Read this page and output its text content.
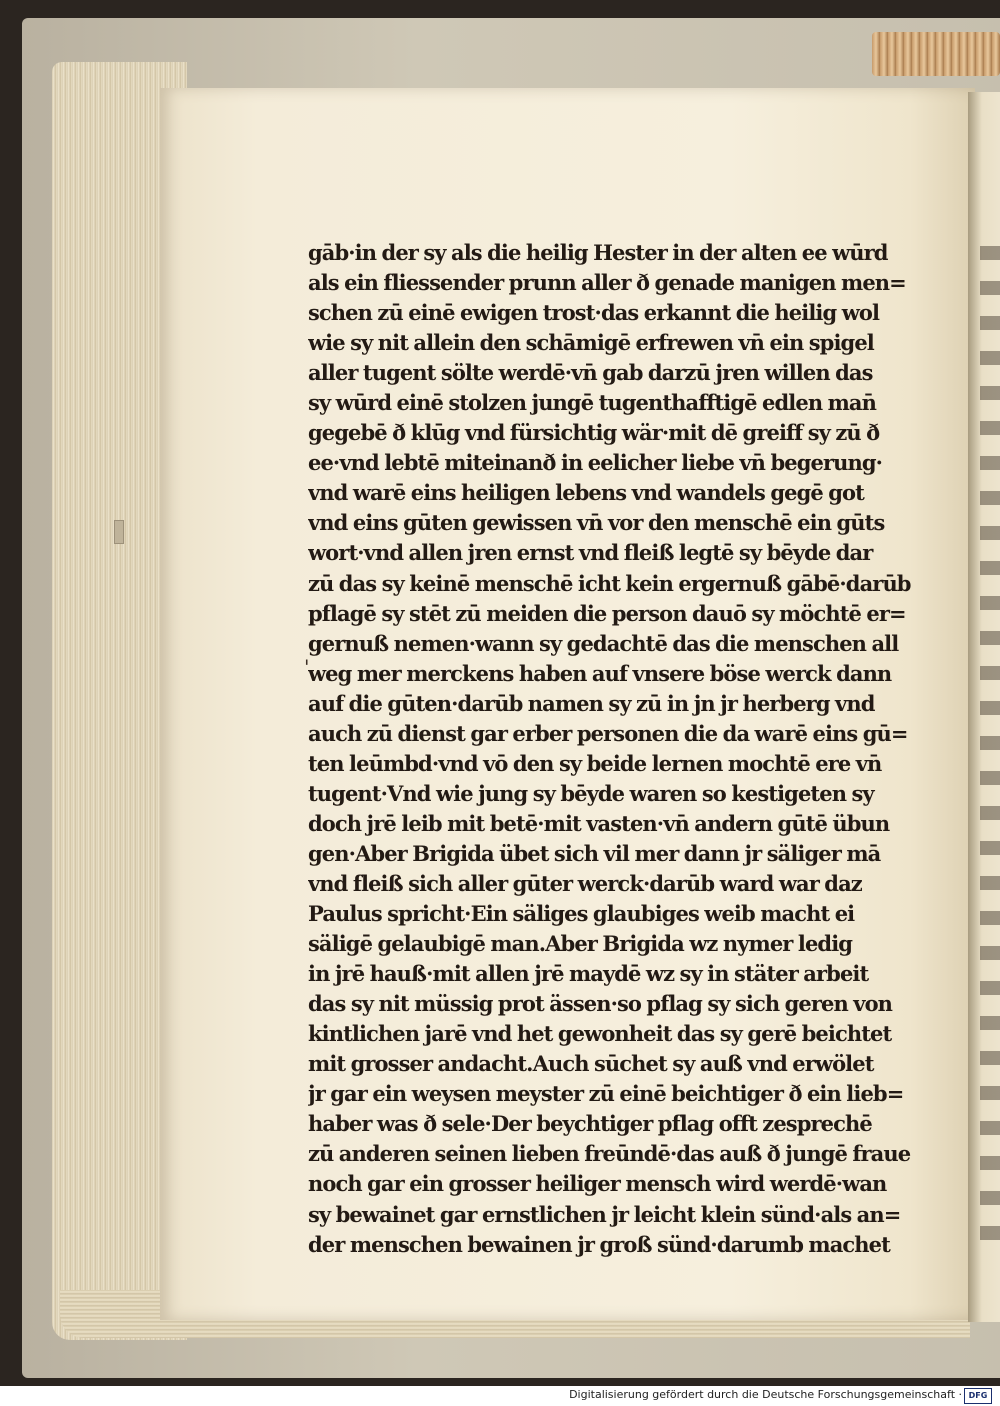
'
gāb·in der sy als die heilig Hester in der alten ee wūrd
als ein fliessender prunn aller ð genade manigen men=
schen zū einē ewigen trost·das erkannt die heilig wol
wie sy nit allein den schāmigē erfrewen vn̄ ein spigel
aller tugent sölte werdē·vn̄ gab darzū jren willen das
sy wūrd einē stolzen jungē tugenthafftigē edlen man̄
gegebē ð klūg vnd fürsichtig wär·mit dē greiff sy zū ð
ee·vnd lebtē miteinanð in eelicher liebe vn̄ begerung·
vnd warē eins heiligen lebens vnd wandels gegē got
vnd eins gūten gewissen vn̄ vor den menschē ein gūts
wort·vnd allen jren ernst vnd fleiß legtē sy bēyde dar
zū das sy keinē menschē icht kein ergernuß gābē·darūb
pflagē sy stēt zū meiden die person dauō sy möchtē er=
gernuß nemen·wann sy gedachtē das die menschen all
weg mer merckens haben auf vnsere böse werck dann
auf die gūten·darūb namen sy zū in jn jr herberg vnd
auch zū dienst gar erber personen die da warē eins gū=
ten leūmbd·vnd vō den sy beide lernen mochtē ere vn̄
tugent·Vnd wie jung sy bēyde waren so kestigeten sy
doch jrē leib mit betē·mit vasten·vn̄ andern gūtē übun
gen·Aber Brigida übet sich vil mer dann jr säliger mā
vnd fleiß sich aller gūter werck·darūb ward war daz
Paulus spricht·Ein säliges glaubiges weib macht ei
säligē gelaubigē man.Aber Brigida wz nymer ledig
in jrē hauß·mit allen jrē maydē wz sy in stäter arbeit
das sy nit müssig prot ässen·so pflag sy sich geren von
kintlichen jarē vnd het gewonheit das sy gerē beichtet
mit grosser andacht.Auch sūchet sy auß vnd erwölet
jr gar ein weysen meyster zū einē beichtiger ð ein lieb=
haber was ð sele·Der beychtiger pflag offt zesprechē
zū anderen seinen lieben freūndē·das auß ð jungē fraue
noch gar ein grosser heiliger mensch wird werdē·wan
sy bewainet gar ernstlichen jr leicht klein sünd·als an=
der menschen bewainen jr groß sünd·darumb machet
Digitalisierung gefördert durch die Deutsche Forschungsgemeinschaft · DFG
